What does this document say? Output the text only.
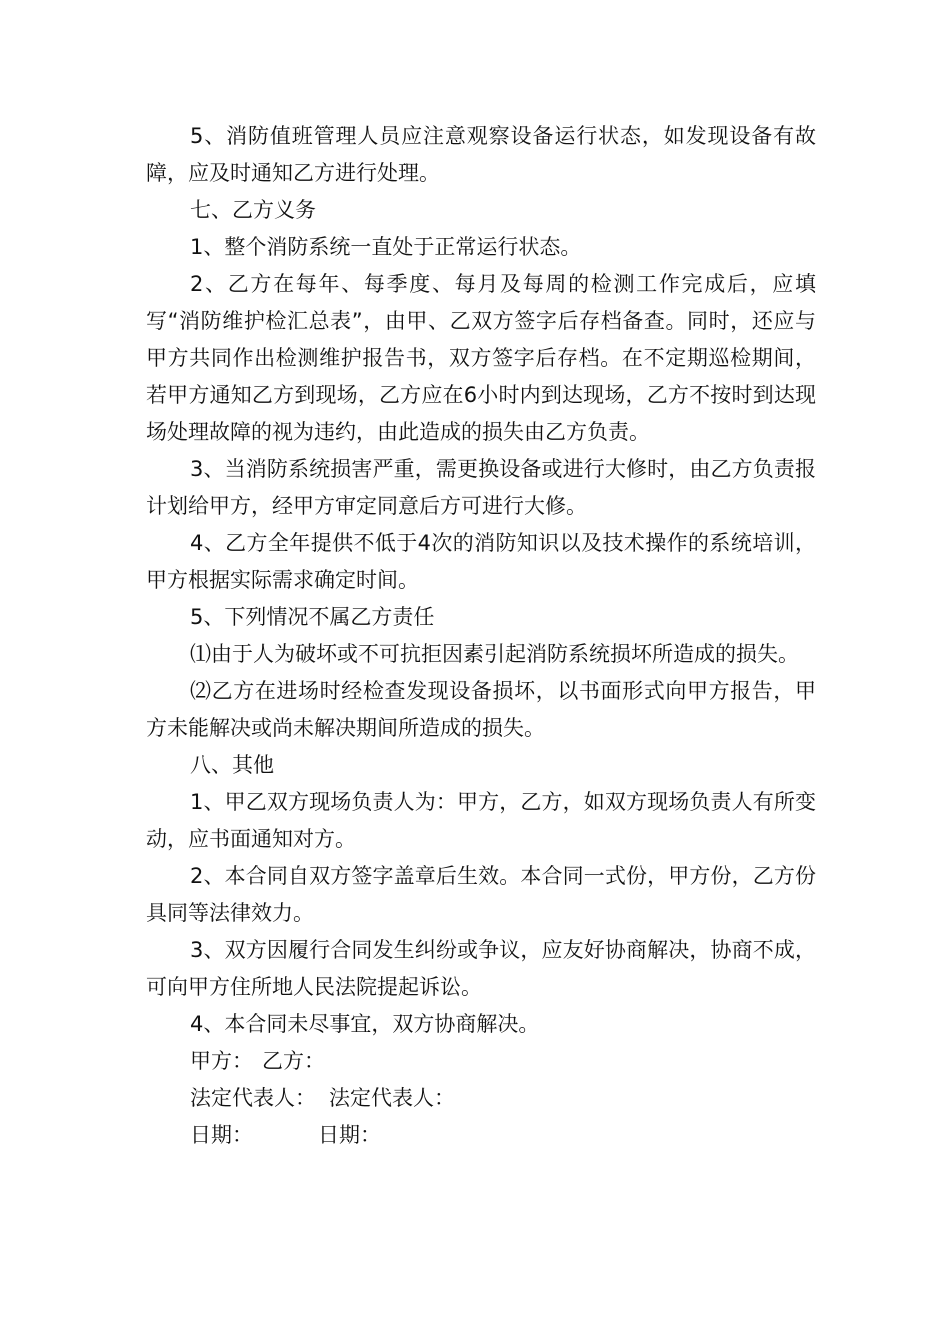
5、消防值班管理人员应注意观察设备运行状态，如发现设备有故障，应及时通知乙方进行处理。

七、乙方义务

1、整个消防系统一直处于正常运行状态。

2、乙方在每年、每季度、每月及每周的检测工作完成后，应填写“消防维护检汇总表”，由甲、乙双方签字后存档备查。同时，还应与甲方共同作出检测维护报告书，双方签字后存档。在不定期巡检期间，若甲方通知乙方到现场，乙方应在6小时内到达现场，乙方不按时到达现场处理故障的视为违约，由此造成的损失由乙方负责。

3、当消防系统损害严重，需更换设备或进行大修时，由乙方负责报计划给甲方，经甲方审定同意后方可进行大修。

4、乙方全年提供不低于4次的消防知识以及技术操作的系统培训，甲方根据实际需求确定时间。

5、下列情况不属乙方责任

⑴由于人为破坏或不可抗拒因素引起消防系统损坏所造成的损失。

⑵乙方在进场时经检查发现设备损坏，以书面形式向甲方报告，甲方未能解决或尚未解决期间所造成的损失。

八、其他

1、甲乙双方现场负责人为：甲方，乙方，如双方现场负责人有所变动，应书面通知对方。

2、本合同自双方签字盖章后生效。本合同一式份，甲方份，乙方份具同等法律效力。

3、双方因履行合同发生纠纷或争议，应友好协商解决，协商不成，可向甲方住所地人民法院提起诉讼。

4、本合同未尽事宜，双方协商解决。

甲方： 乙方：
法定代表人： 法定代表人：
日期：	日期：
